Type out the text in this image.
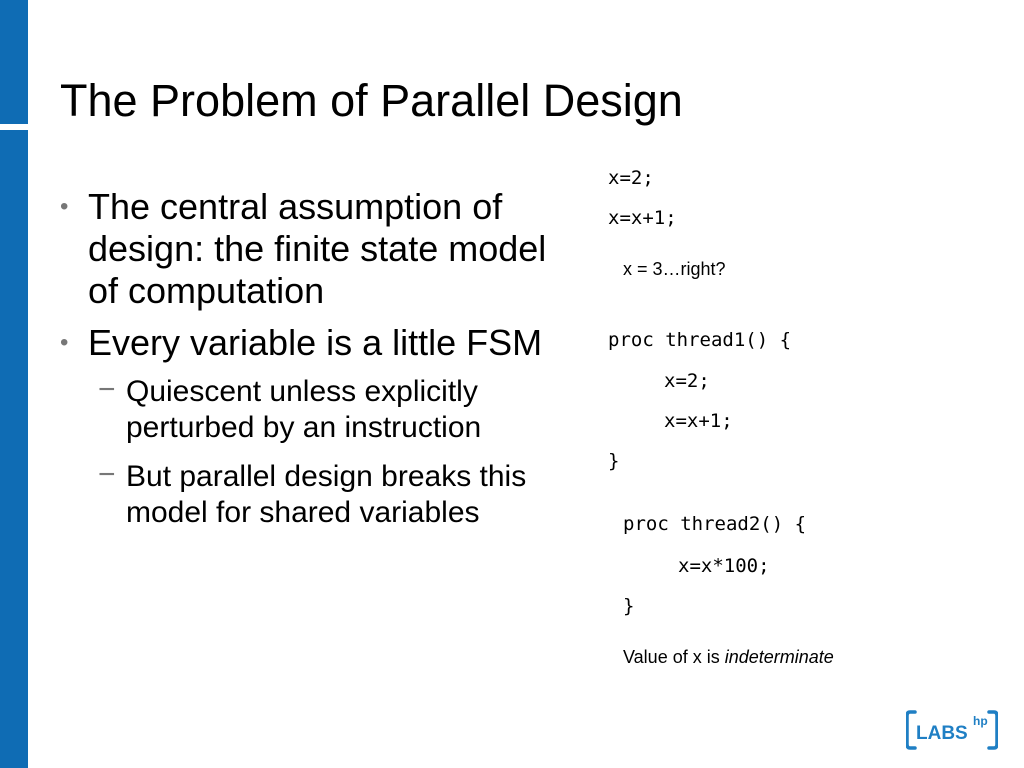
The Problem of Parallel Design
• The central assumption of design: the finite state model of computation
• Every variable is a little FSM
− Quiescent unless explicitly perturbed by an instruction
− But parallel design breaks this model for shared variables
x=2;
x=x+1;
x = 3…right?
proc thread1() {
x=2;
x=x+1;
}
proc thread2() {
x=x*100;
}
Value of x is indeterminate
LABS
hp
